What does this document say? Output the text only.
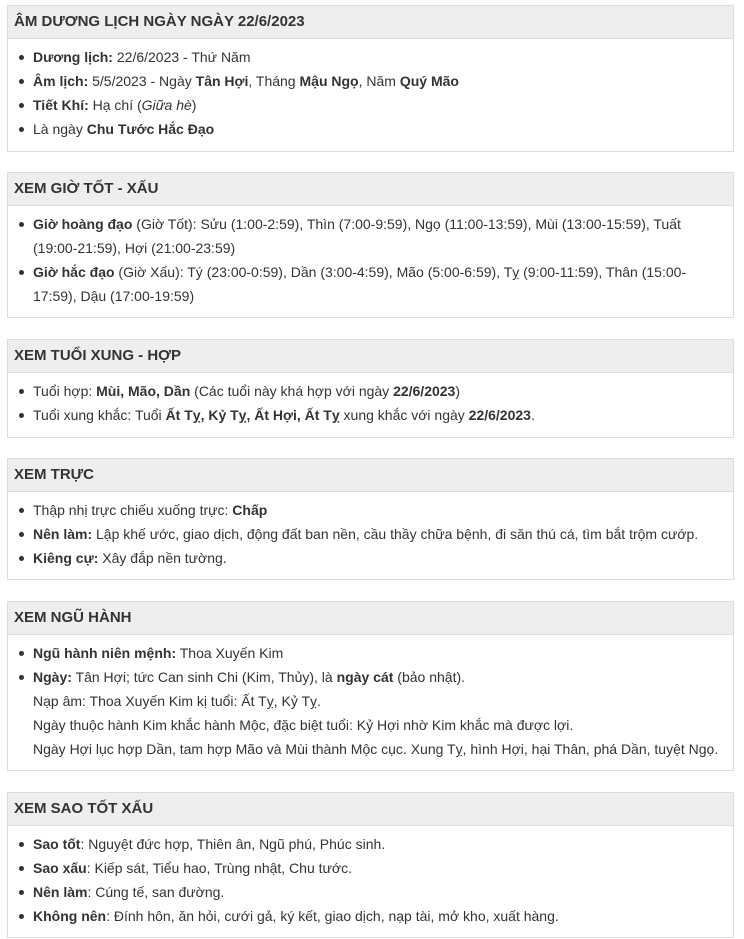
ÂM DƯƠNG LỊCH NGÀY NGÀY 22/6/2023
Dương lịch: 22/6/2023 - Thứ Năm
Âm lịch: 5/5/2023 - Ngày Tân Hợi, Tháng Mậu Ngọ, Năm Quý Mão
Tiết Khí: Hạ chí (Giữa hè)
Là ngày Chu Tước Hắc Đạo
XEM GIỜ TỐT - XẤU
Giờ hoàng đạo (Giờ Tốt): Sửu (1:00-2:59), Thìn (7:00-9:59), Ngọ (11:00-13:59), Mùi (13:00-15:59), Tuất (19:00-21:59), Hợi (21:00-23:59)
Giờ hắc đạo (Giờ Xấu): Tý (23:00-0:59), Dần (3:00-4:59), Mão (5:00-6:59), Tỵ (9:00-11:59), Thân (15:00-17:59), Dậu (17:00-19:59)
XEM TUỔI XUNG - HỢP
Tuổi hợp: Mùi, Mão, Dần (Các tuổi này khá hợp với ngày 22/6/2023)
Tuổi xung khắc: Tuổi Ất Tỵ, Kỷ Tỵ, Ất Hợi, Ất Tỵ xung khắc với ngày 22/6/2023.
XEM TRỰC
Thập nhị trực chiếu xuống trực: Chấp
Nên làm: Lập khế ước, giao dịch, động đất ban nền, cầu thầy chữa bệnh, đi săn thú cá, tìm bắt trộm cướp.
Kiêng cự: Xây đắp nền tường.
XEM NGŨ HÀNH
Ngũ hành niên mệnh: Thoa Xuyến Kim
Ngày: Tân Hợi; tức Can sinh Chi (Kim, Thủy), là ngày cát (bảo nhật).
Nạp âm: Thoa Xuyến Kim kị tuổi: Ất Tỵ, Kỷ Tỵ.
Ngày thuộc hành Kim khắc hành Mộc, đặc biệt tuổi: Kỷ Hợi nhờ Kim khắc mà được lợi.
Ngày Hợi lục hợp Dần, tam hợp Mão và Mùi thành Mộc cục. Xung Tỵ, hình Hợi, hại Thân, phá Dần, tuyệt Ngọ.
XEM SAO TỐT XẤU
Sao tốt: Nguyệt đức hợp, Thiên ân, Ngũ phú, Phúc sinh.
Sao xấu: Kiếp sát, Tiểu hao, Trùng nhật, Chu tước.
Nên làm: Cúng tế, san đường.
Không nên: Đính hôn, ăn hỏi, cưới gả, ký kết, giao dịch, nạp tài, mở kho, xuất hàng.
